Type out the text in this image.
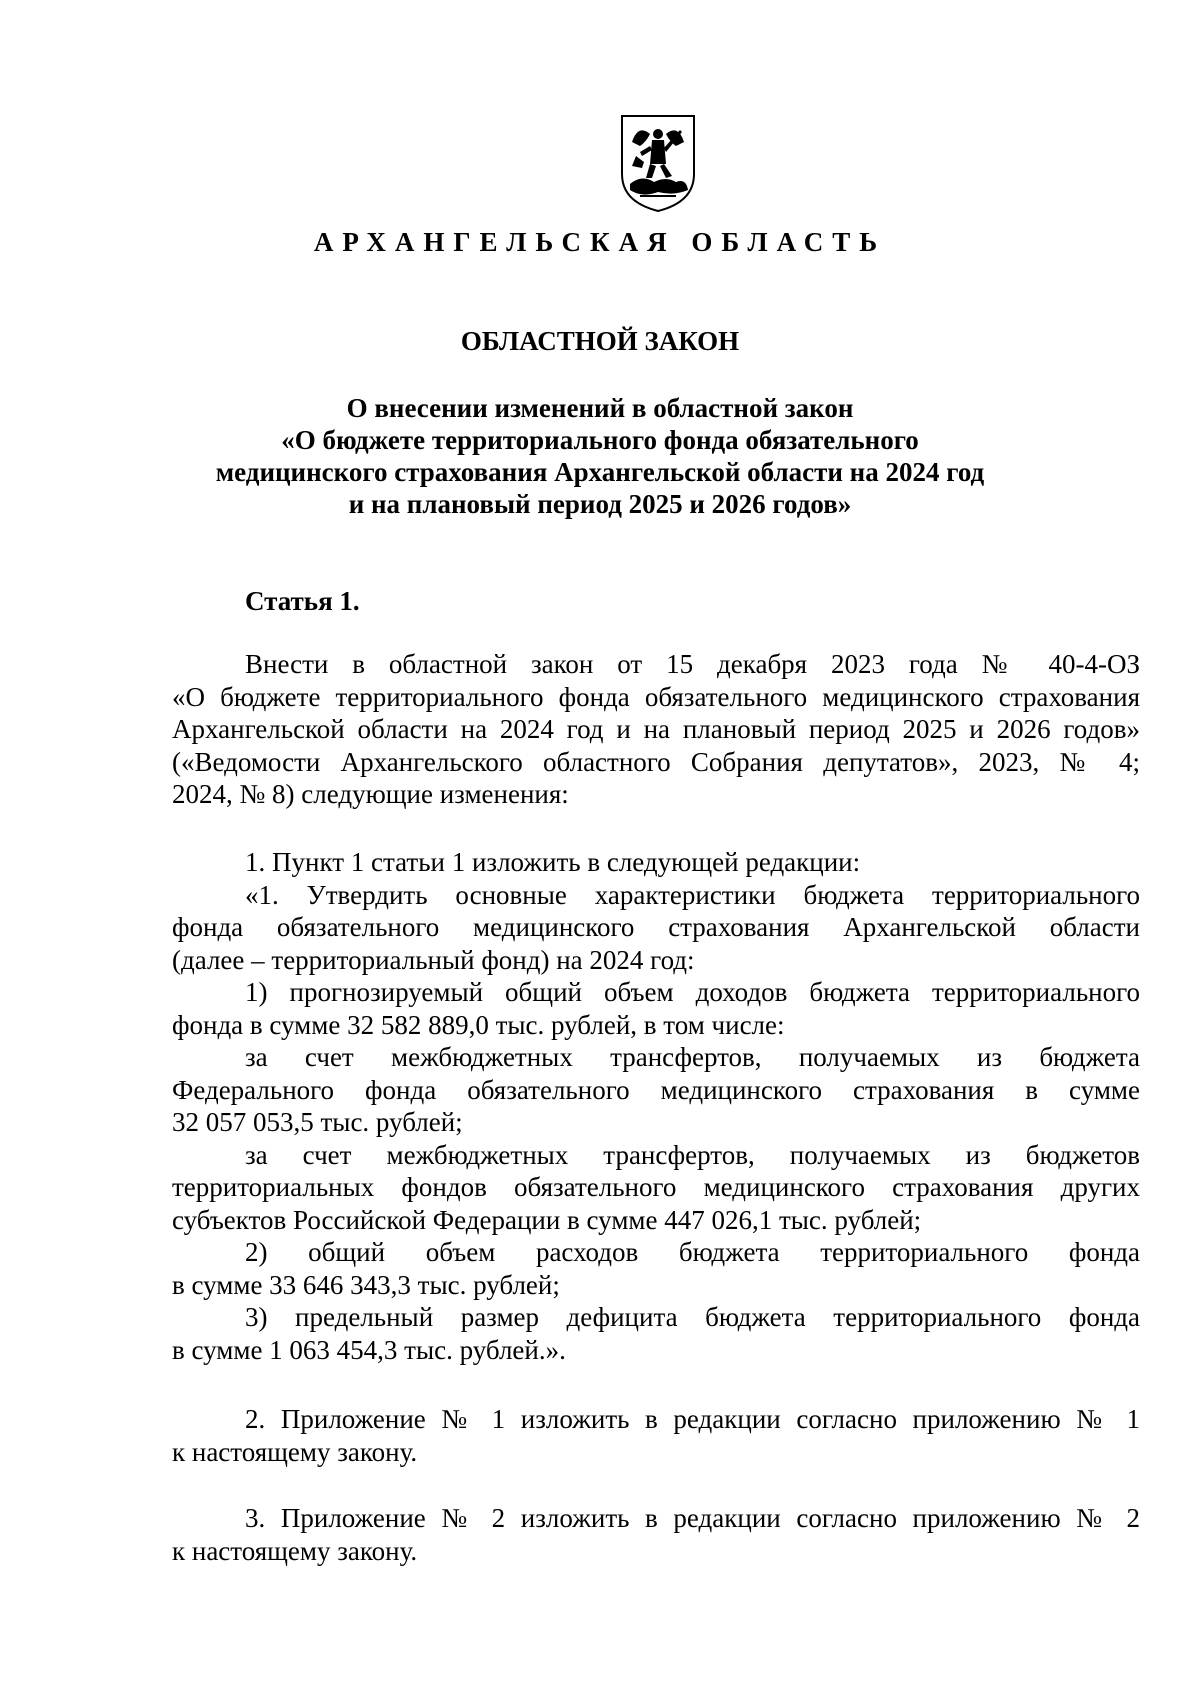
АРХАНГЕЛЬСКАЯ ОБЛАСТЬ
ОБЛАСТНОЙ ЗАКОН
О внесении изменений в областной закон
«О бюджете территориального фонда обязательного
медицинского страхования Архангельской области на 2024 год
и на плановый период 2025 и 2026 годов»
Статья 1.
Внести в областной закон от 15 декабря 2023 года № 40-4-ОЗ
«О бюджете территориального фонда обязательного медицинского страхования
Архангельской области на 2024 год и на плановый период 2025 и 2026 годов»
(«Ведомости Архангельского областного Собрания депутатов», 2023, № 4;
2024, № 8) следующие изменения:
1. Пункт 1 статьи 1 изложить в следующей редакции:
«1. Утвердить основные характеристики бюджета территориального
фонда обязательного медицинского страхования Архангельской области
(далее – территориальный фонд) на 2024 год:
1) прогнозируемый общий объем доходов бюджета территориального
фонда в сумме 32 582 889,0 тыс. рублей, в том числе:
за счет межбюджетных трансфертов, получаемых из бюджета
Федерального фонда обязательного медицинского страхования в сумме
32 057 053,5 тыс. рублей;
за счет межбюджетных трансфертов, получаемых из бюджетов
территориальных фондов обязательного медицинского страхования других
субъектов Российской Федерации в сумме 447 026,1 тыс. рублей;
2) общий объем расходов бюджета территориального фонда
в сумме 33 646 343,3 тыс. рублей;
3) предельный размер дефицита бюджета территориального фонда
в сумме 1 063 454,3 тыс. рублей.».
2. Приложение № 1 изложить в редакции согласно приложению № 1
к настоящему закону.
3. Приложение № 2 изложить в редакции согласно приложению № 2
к настоящему закону.
